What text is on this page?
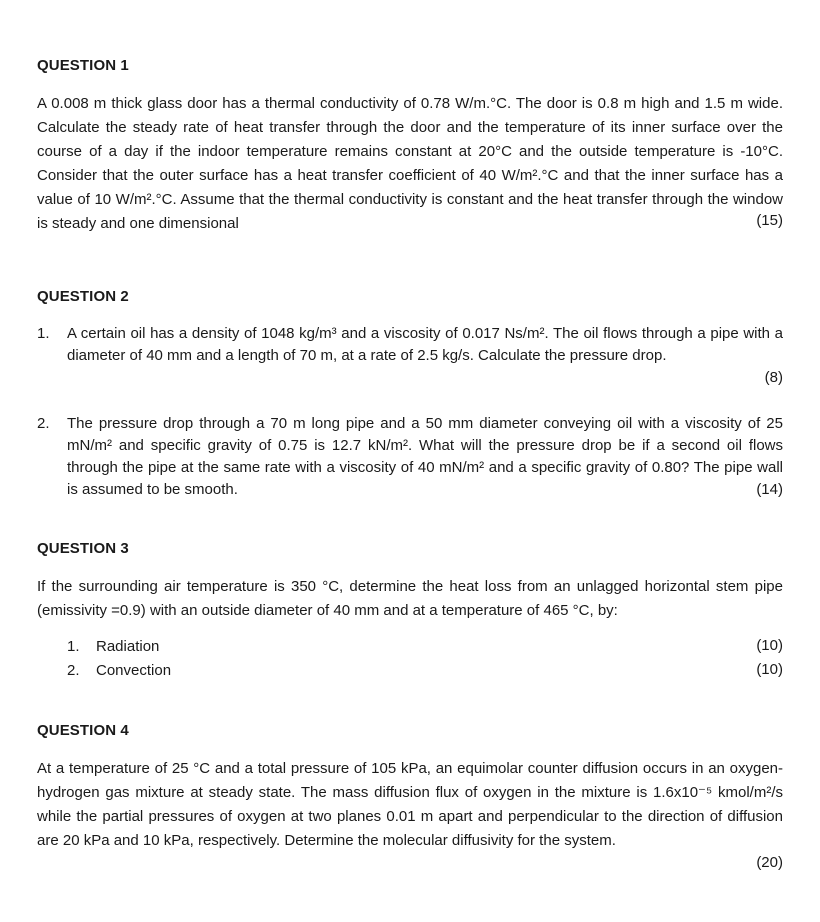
QUESTION 1
A 0.008 m thick glass door has a thermal conductivity of 0.78 W/m.°C. The door is 0.8 m high and 1.5 m wide. Calculate the steady rate of heat transfer through the door and the temperature of its inner surface over the course of a day if the indoor temperature remains constant at 20°C and the outside temperature is -10°C. Consider that the outer surface has a heat transfer coefficient of 40 W/m².°C and that the inner surface has a value of 10 W/m².°C. Assume that the thermal conductivity is constant and the heat transfer through the window is steady and one dimensional	(15)
QUESTION 2
1. A certain oil has a density of 1048 kg/m³ and a viscosity of 0.017 Ns/m². The oil flows through a pipe with a diameter of 40 mm and a length of 70 m, at a rate of 2.5 kg/s. Calculate the pressure drop.
(8)
2. The pressure drop through a 70 m long pipe and a 50 mm diameter conveying oil with a viscosity of 25 mN/m² and specific gravity of 0.75 is 12.7 kN/m². What will the pressure drop be if a second oil flows through the pipe at the same rate with a viscosity of 40 mN/m² and a specific gravity of 0.80? The pipe wall is assumed to be smooth.	(14)
QUESTION 3
If the surrounding air temperature is 350 °C, determine the heat loss from an unlagged horizontal stem pipe (emissivity =0.9) with an outside diameter of 40 mm and at a temperature of 465 °C, by:
1. Radiation	(10)
2. Convection	(10)
QUESTION 4
At a temperature of 25 °C and a total pressure of 105 kPa, an equimolar counter diffusion occurs in an oxygen-hydrogen gas mixture at steady state. The mass diffusion flux of oxygen in the mixture is 1.6x10⁻⁵ kmol/m²/s while the partial pressures of oxygen at two planes 0.01 m apart and perpendicular to the direction of diffusion are 20 kPa and 10 kPa, respectively. Determine the molecular diffusivity for the system.
(20)
